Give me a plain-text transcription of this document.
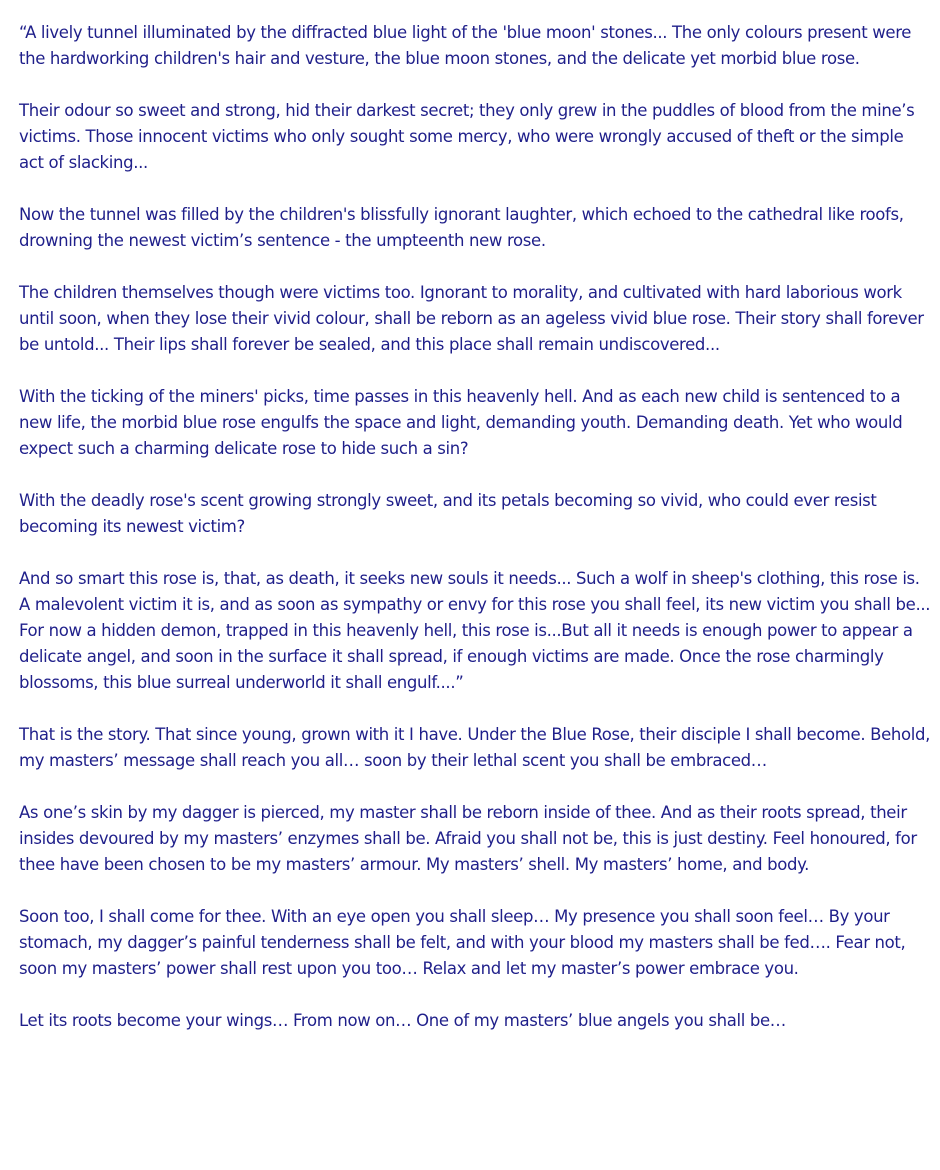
“A lively tunnel illuminated by the diffracted blue light of the 'blue moon' stones... The only colours present were the hardworking children's hair and vesture, the blue moon stones, and the delicate yet morbid blue rose.

Their odour so sweet and strong, hid their darkest secret; they only grew in the puddles of blood from the mine’s victims. Those innocent victims who only sought some mercy, who were wrongly accused of theft or the simple act of slacking...

Now the tunnel was filled by the children's blissfully ignorant laughter, which echoed to the cathedral like roofs, drowning the newest victim’s sentence - the umpteenth new rose.

The children themselves though were victims too. Ignorant to morality, and cultivated with hard laborious work until soon, when they lose their vivid colour, shall be reborn as an ageless vivid blue rose. Their story shall forever be untold... Their lips shall forever be sealed, and this place shall remain undiscovered...

With the ticking of the miners' picks, time passes in this heavenly hell. And as each new child is sentenced to a new life, the morbid blue rose engulfs the space and light, demanding youth. Demanding death. Yet who would expect such a charming delicate rose to hide such a sin?

With the deadly rose's scent growing strongly sweet, and its petals becoming so vivid, who could ever resist becoming its newest victim?

And so smart this rose is, that, as death, it seeks new souls it needs... Such a wolf in sheep's clothing, this rose is. A malevolent victim it is, and as soon as sympathy or envy for this rose you shall feel, its new victim you shall be... For now a hidden demon, trapped in this heavenly hell, this rose is...But all it needs is enough power to appear a delicate angel, and soon in the surface it shall spread, if enough victims are made. Once the rose charmingly blossoms, this blue surreal underworld it shall engulf....”

That is the story. That since young, grown with it I have. Under the Blue Rose, their disciple I shall become. Behold, my masters’ message shall reach you all… soon by their lethal scent you shall be embraced…

As one’s skin by my dagger is pierced, my master shall be reborn inside of thee. And as their roots spread, their insides devoured by my masters’ enzymes shall be. Afraid you shall not be, this is just destiny. Feel honoured, for thee have been chosen to be my masters’ armour. My masters’ shell. My masters’ home, and body.

Soon too, I shall come for thee. With an eye open you shall sleep… My presence you shall soon feel… By your stomach, my dagger’s painful tenderness shall be felt, and with your blood my masters shall be fed…. Fear not, soon my masters’ power shall rest upon you too… Relax and let my master’s power embrace you.

Let its roots become your wings… From now on… One of my masters’ blue angels you shall be…
